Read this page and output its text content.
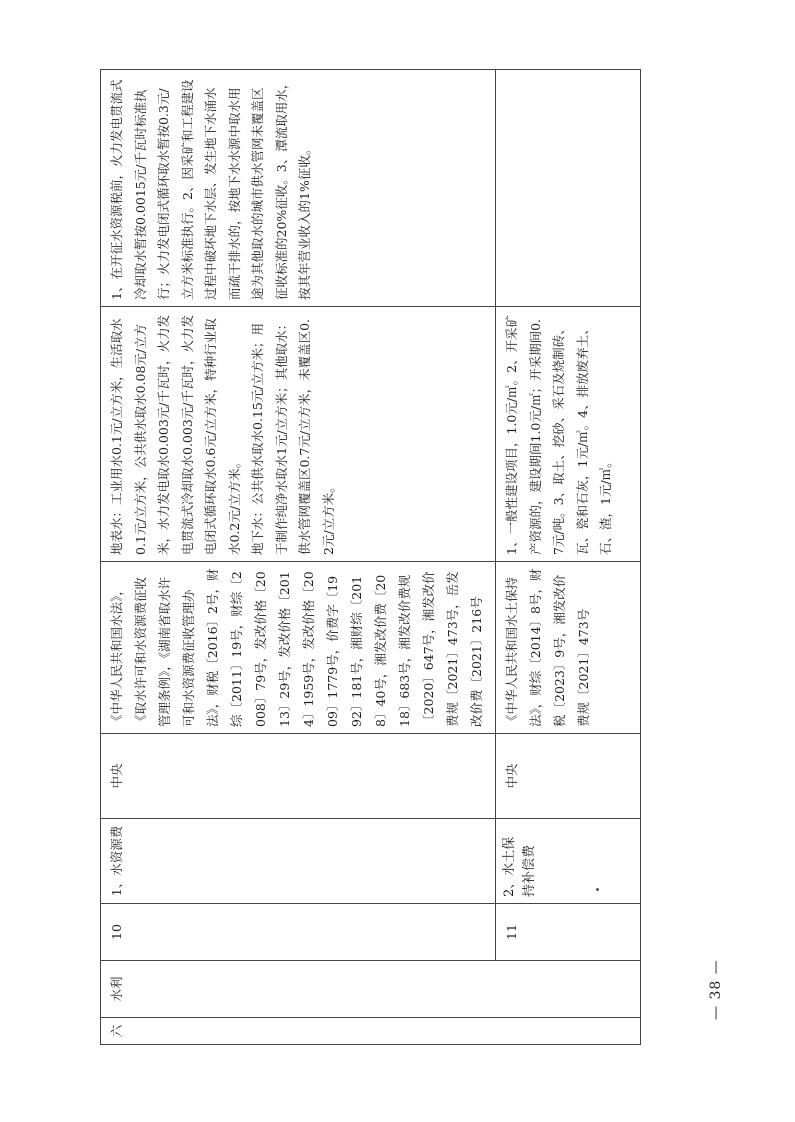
六	水利	10	1、水资源费	中央	《中华人民共和国水法》，《取水许可和水资源费征收管理条例》，《湖南省取水许可和水资源费征收管理办法》，财税〔2016〕2号，财综〔2011〕19号，财综〔2008〕79号，发改价格〔2013〕29号，发改价格〔2014〕1959号，发改价格〔2009〕1779号，价费字〔1992〕181号，湘财综〔2018〕40号，湘发改价费〔2018〕683号，湘发改价费规〔2020〕647号，湘发改价费规〔2021〕473号，岳发改价费〔2021〕216号	地表水：工业用水0.1元/立方米，生活取水0.1元/立方米，公共供水取水0.08元/立方米，水力发电取水0.003元/千瓦时，火力发电贯流式冷却取水0.003元/千瓦时，火力发电闭式循环取水0.6元/立方米，特种行业取水0.2元/立方米。 地下水：公共供水取水0.15元/立方米；用于制作纯净水取水1元/立方米；其他取水：供水管网覆盖区0.7元/立方米，未覆盖区0.2元/立方米。	1、在开征水资源税前，火力发电贯流式冷却取水暂按0.0015元/千瓦时标准执行；火力发电闭式循环取水暂按0.3元/立方米标准执行。2、因采矿和工程建设过程中破坏地下水层、发生地下水涌水而疏干排水的，按地下水水源中取水用途为其他取水的城市供水管网未覆盖区征收标准的20%征收。3、潭流取用水，按其年营业收入的1%征收。
		11	2、水土保持补偿费	中央	《中华人民共和国水土保持法》，财综〔2014〕8号，财税〔2023〕9号，湘发改价费规〔2021〕473号	1、一般性建设项目，1.0元/㎡。2、开采矿产资源的，建设期间1.0元/㎡；开采期间0.7元/吨。3、取土、挖砂、采石及烧制砖、瓦、瓷和石灰，1元/㎡。4、排放废弃土、石、渣，1元/㎡。	
— 38 —
